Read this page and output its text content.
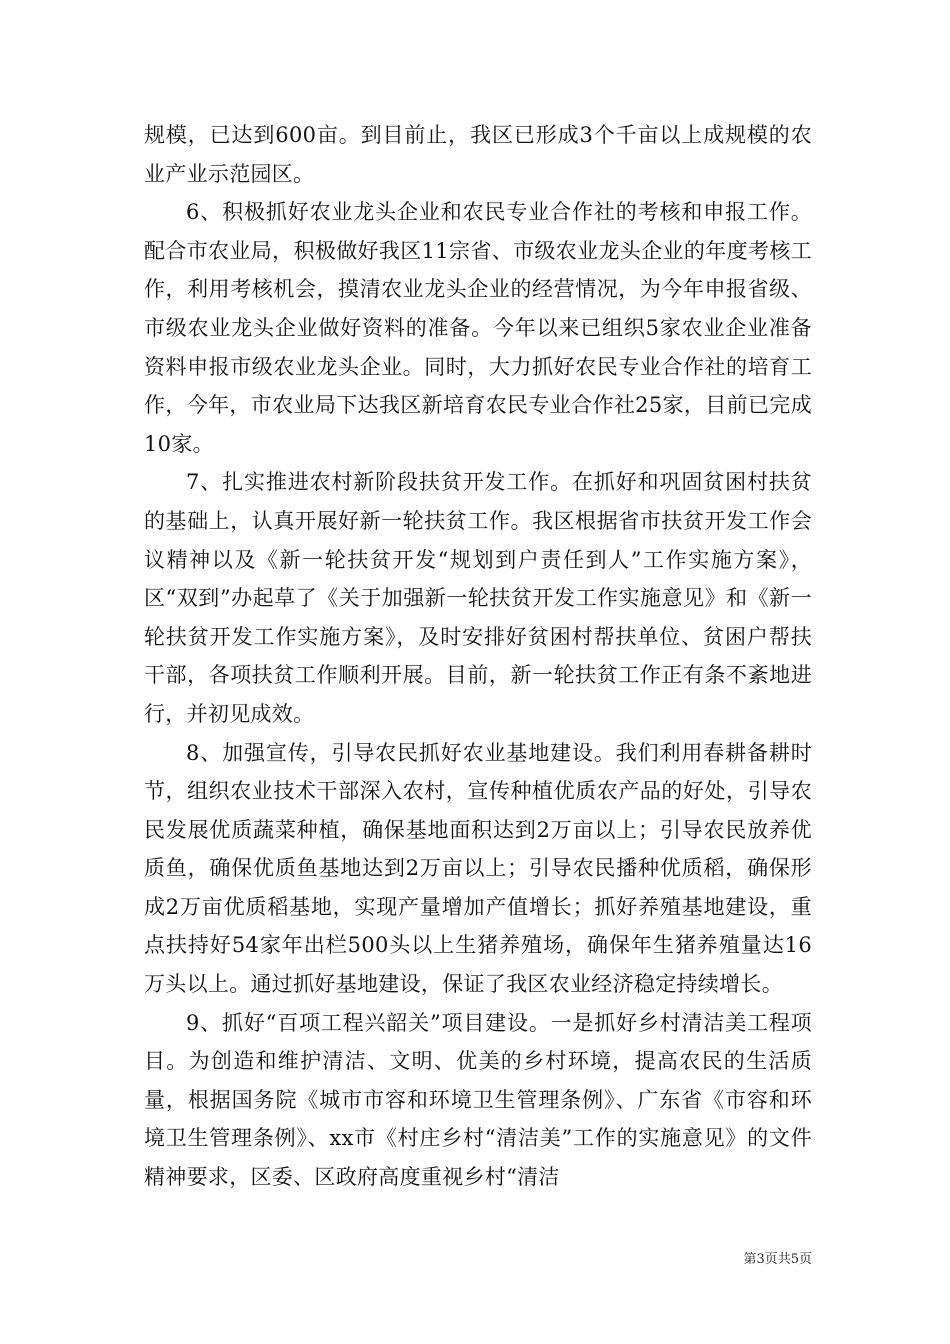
规模，已达到600亩。到目前止，我区已形成3个千亩以上成规模的农业产业示范园区。

6、积极抓好农业龙头企业和农民专业合作社的考核和申报工作。配合市农业局，积极做好我区11宗省、市级农业龙头企业的年度考核工作，利用考核机会，摸清农业龙头企业的经营情况，为今年申报省级、市级农业龙头企业做好资料的准备。今年以来已组织5家农业企业准备资料申报市级农业龙头企业。同时，大力抓好农民专业合作社的培育工作，今年，市农业局下达我区新培育农民专业合作社25家，目前已完成10家。

7、扎实推进农村新阶段扶贫开发工作。在抓好和巩固贫困村扶贫的基础上，认真开展好新一轮扶贫工作。我区根据省市扶贫开发工作会议精神以及《新一轮扶贫开发“规划到户责任到人”工作实施方案》，区“双到”办起草了《关于加强新一轮扶贫开发工作实施意见》和《新一轮扶贫开发工作实施方案》，及时安排好贫困村帮扶单位、贫困户帮扶干部，各项扶贫工作顺利开展。目前，新一轮扶贫工作正有条不紊地进行，并初见成效。

8、加强宣传，引导农民抓好农业基地建设。我们利用春耕备耕时节，组织农业技术干部深入农村，宣传种植优质农产品的好处，引导农民发展优质蔬菜种植，确保基地面积达到2万亩以上；引导农民放养优质鱼，确保优质鱼基地达到2万亩以上；引导农民播种优质稻，确保形成2万亩优质稻基地，实现产量增加产值增长；抓好养殖基地建设，重点扶持好54家年出栏500头以上生猪养殖场，确保年生猪养殖量达16万头以上。通过抓好基地建设，保证了我区农业经济稳定持续增长。

9、抓好“百项工程兴韶关”项目建设。一是抓好乡村清洁美工程项目。为创造和维护清洁、文明、优美的乡村环境，提高农民的生活质量，根据国务院《城市市容和环境卫生管理条例》、广东省《市容和环境卫生管理条例》、xx市《村庄乡村“清洁美”工作的实施意见》的文件精神要求，区委、区政府高度重视乡村“清洁

第3页共5页
